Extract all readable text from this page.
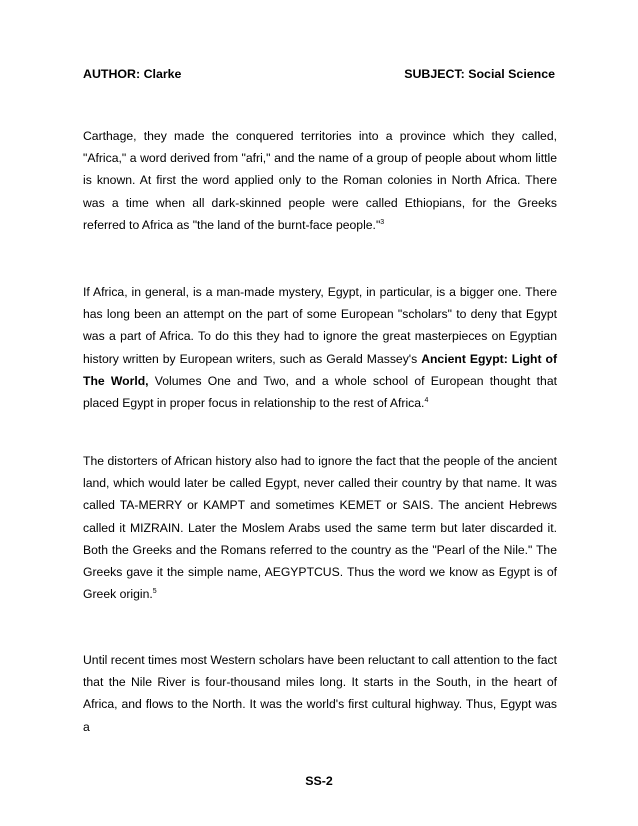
AUTHOR: Clarke	SUBJECT: Social Science

Carthage, they made the conquered territories into a province which they called, "Africa," a word derived from "afri," and the name of a group of people about whom little is known. At first the word applied only to the Roman colonies in North Africa. There was a time when all dark-skinned people were called Ethiopians, for the Greeks referred to Africa as "the land of the burnt-face people."$^3$

If Africa, in general, is a man-made mystery, Egypt, in particular, is a bigger one. There has long been an attempt on the part of some European "scholars" to deny that Egypt was a part of Africa. To do this they had to ignore the great masterpieces on Egyptian history written by European writers, such as Gerald Massey's Ancient Egypt: Light of The World, Volumes One and Two, and a whole school of European thought that placed Egypt in proper focus in relationship to the rest of Africa.$^4$

The distorters of African history also had to ignore the fact that the people of the ancient land, which would later be called Egypt, never called their country by that name. It was called TA-MERRY or KAMPT and sometimes KEMET or SAIS. The ancient Hebrews called it MIZRAIN. Later the Moslem Arabs used the same term but later discarded it. Both the Greeks and the Romans referred to the country as the "Pearl of the Nile." The Greeks gave it the simple name, AEGYPTCUS. Thus the word we know as Egypt is of Greek origin.$^5$

Until recent times most Western scholars have been reluctant to call attention to the fact that the Nile River is four-thousand miles long. It starts in the South, in the heart of Africa, and flows to the North. It was the world's first cultural highway. Thus, Egypt was a

SS-2
